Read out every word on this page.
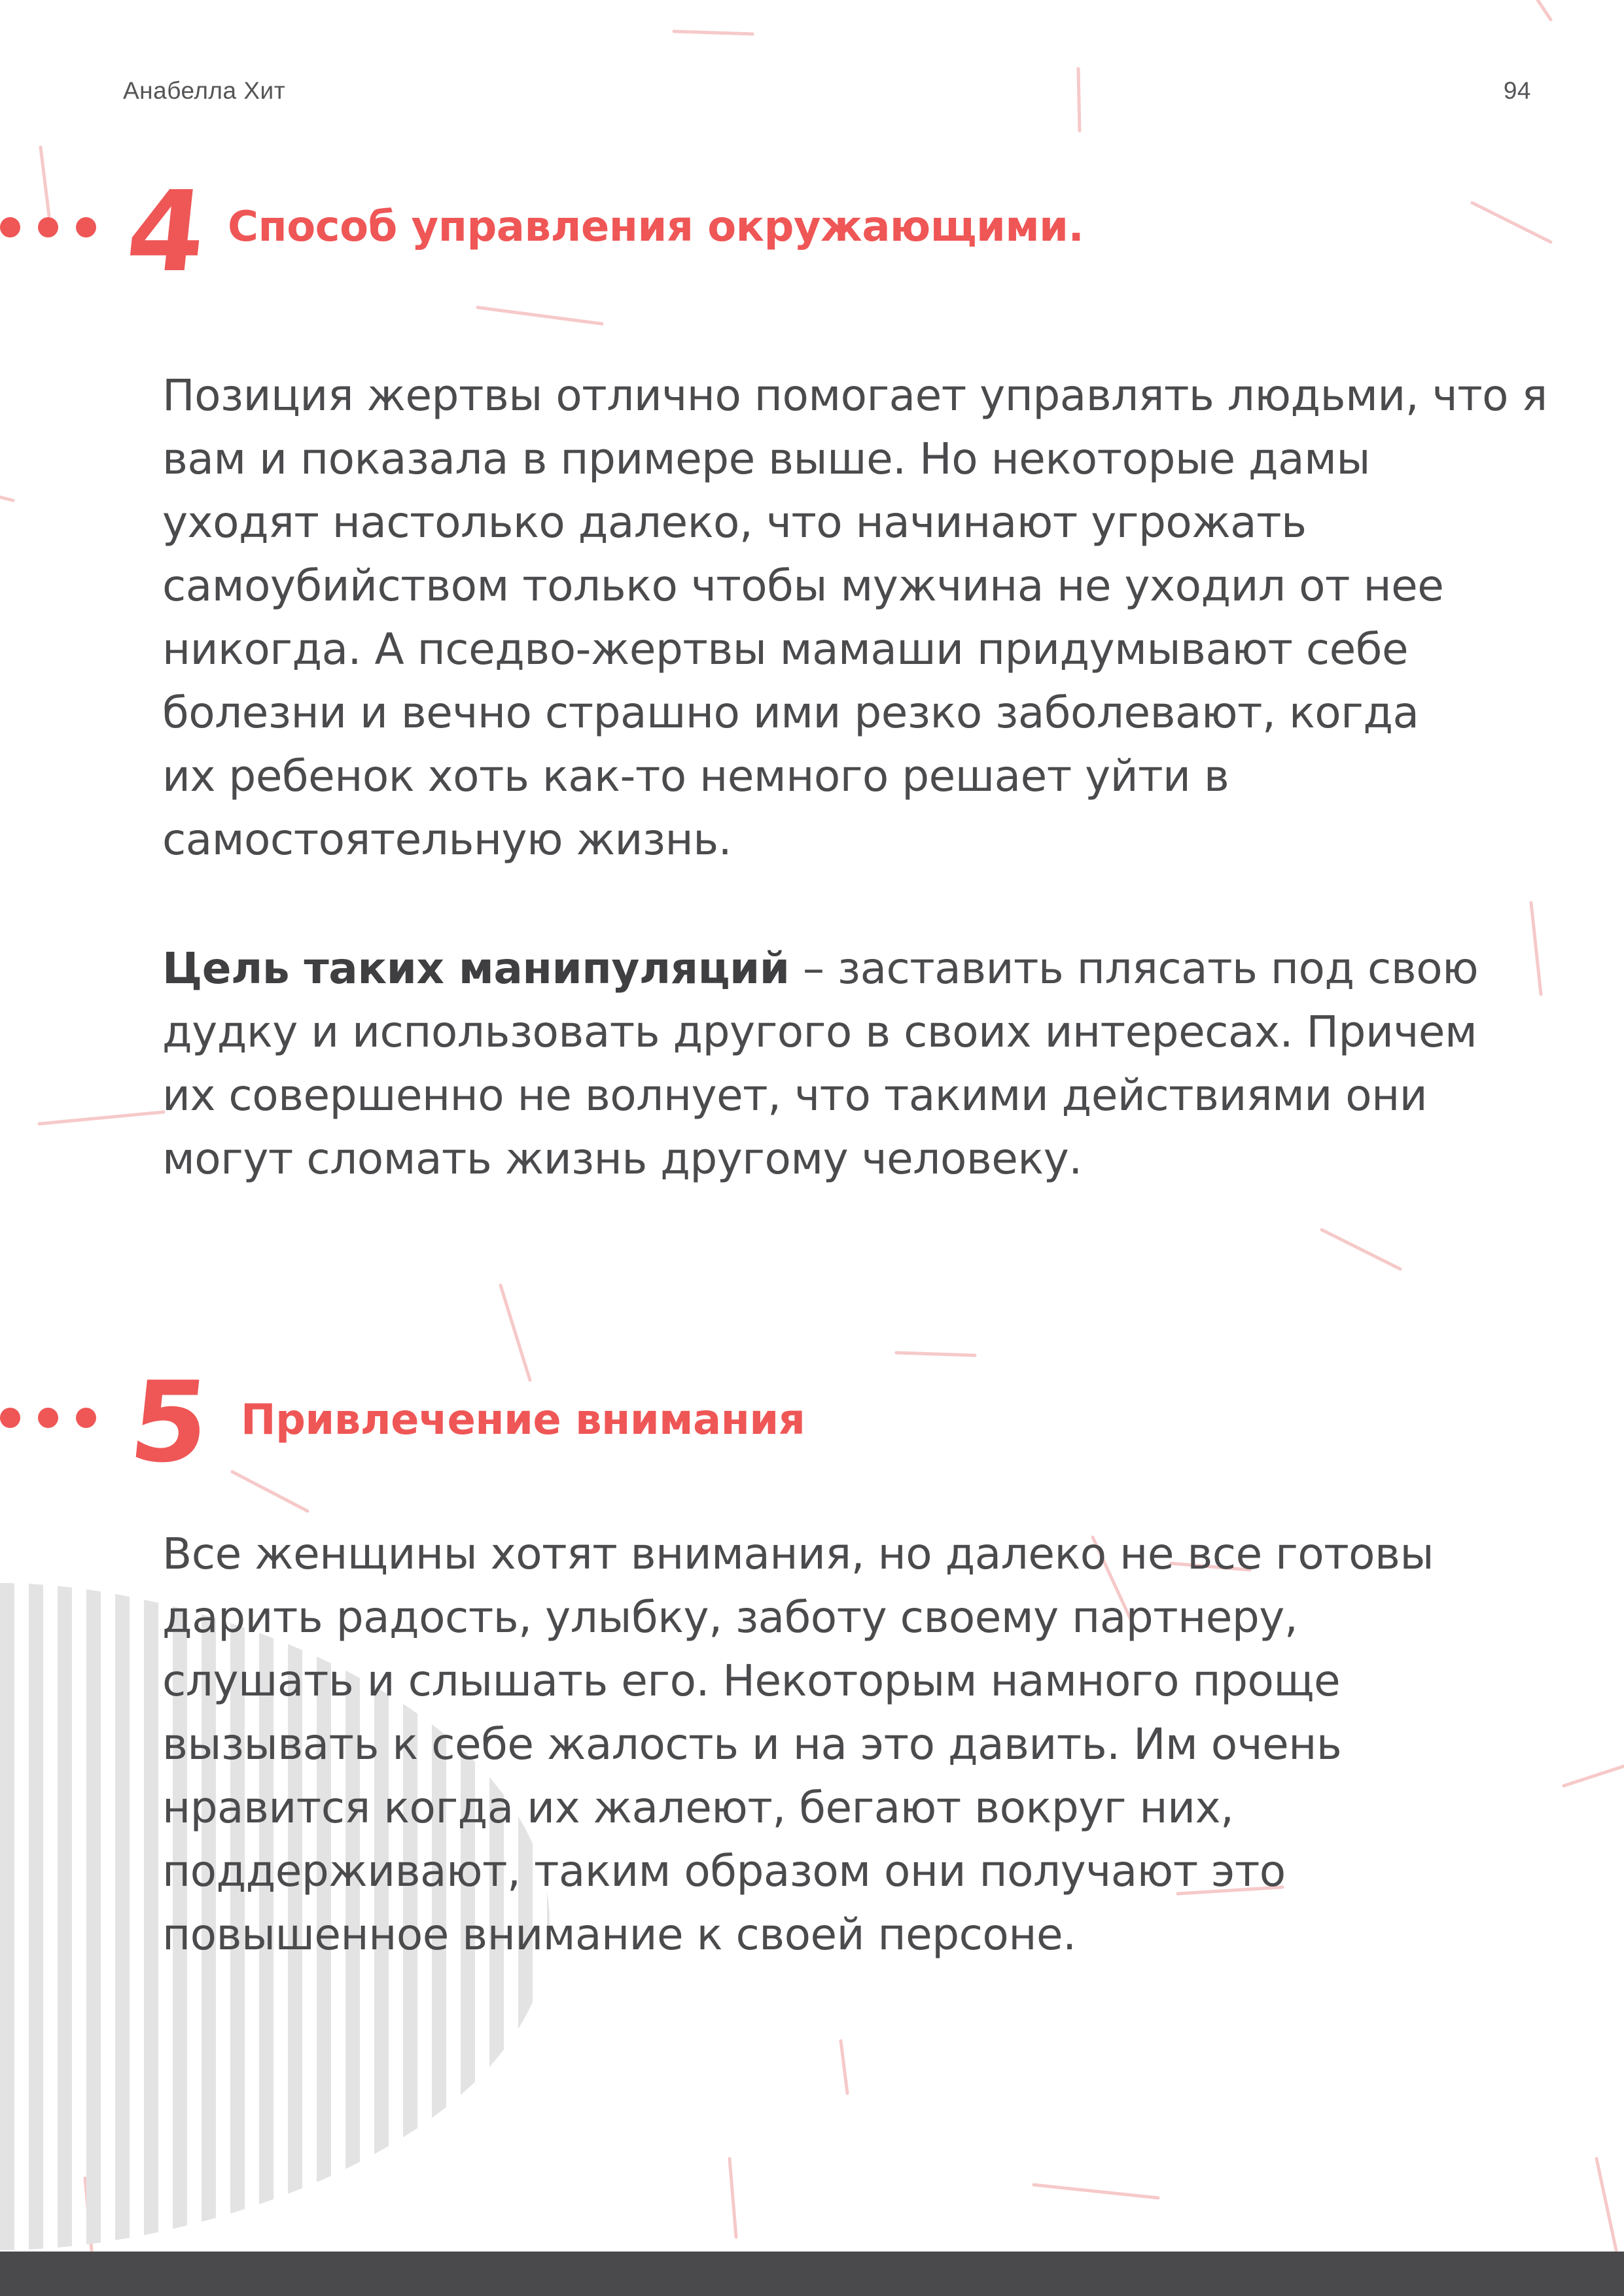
Анабелла Хит	94
4 Способ управления окружающими.
Позиция жертвы отлично помогает управлять людьми, что я
вам и показала в примере выше. Но некоторые дамы
уходят настолько далеко, что начинают угрожать
самоубийством только чтобы мужчина не уходил от нее
никогда. А пседво-жертвы мамаши придумывают себе
болезни и вечно страшно ими резко заболевают, когда
их ребенок хоть как-то немного решает уйти в
самостоятельную жизнь.
Цель таких манипуляций – заставить плясать под свою
дудку и использовать другого в своих интересах. Причем
их совершенно не волнует, что такими действиями они
могут сломать жизнь другому человеку.
5 Привлечение внимания
Все женщины хотят внимания, но далеко не все готовы
дарить радость, улыбку, заботу своему партнеру,
слушать и слышать его. Некоторым намного проще
вызывать к себе жалость и на это давить. Им очень
нравится когда их жалеют, бегают вокруг них,
поддерживают, таким образом они получают это
повышенное внимание к своей персоне.
